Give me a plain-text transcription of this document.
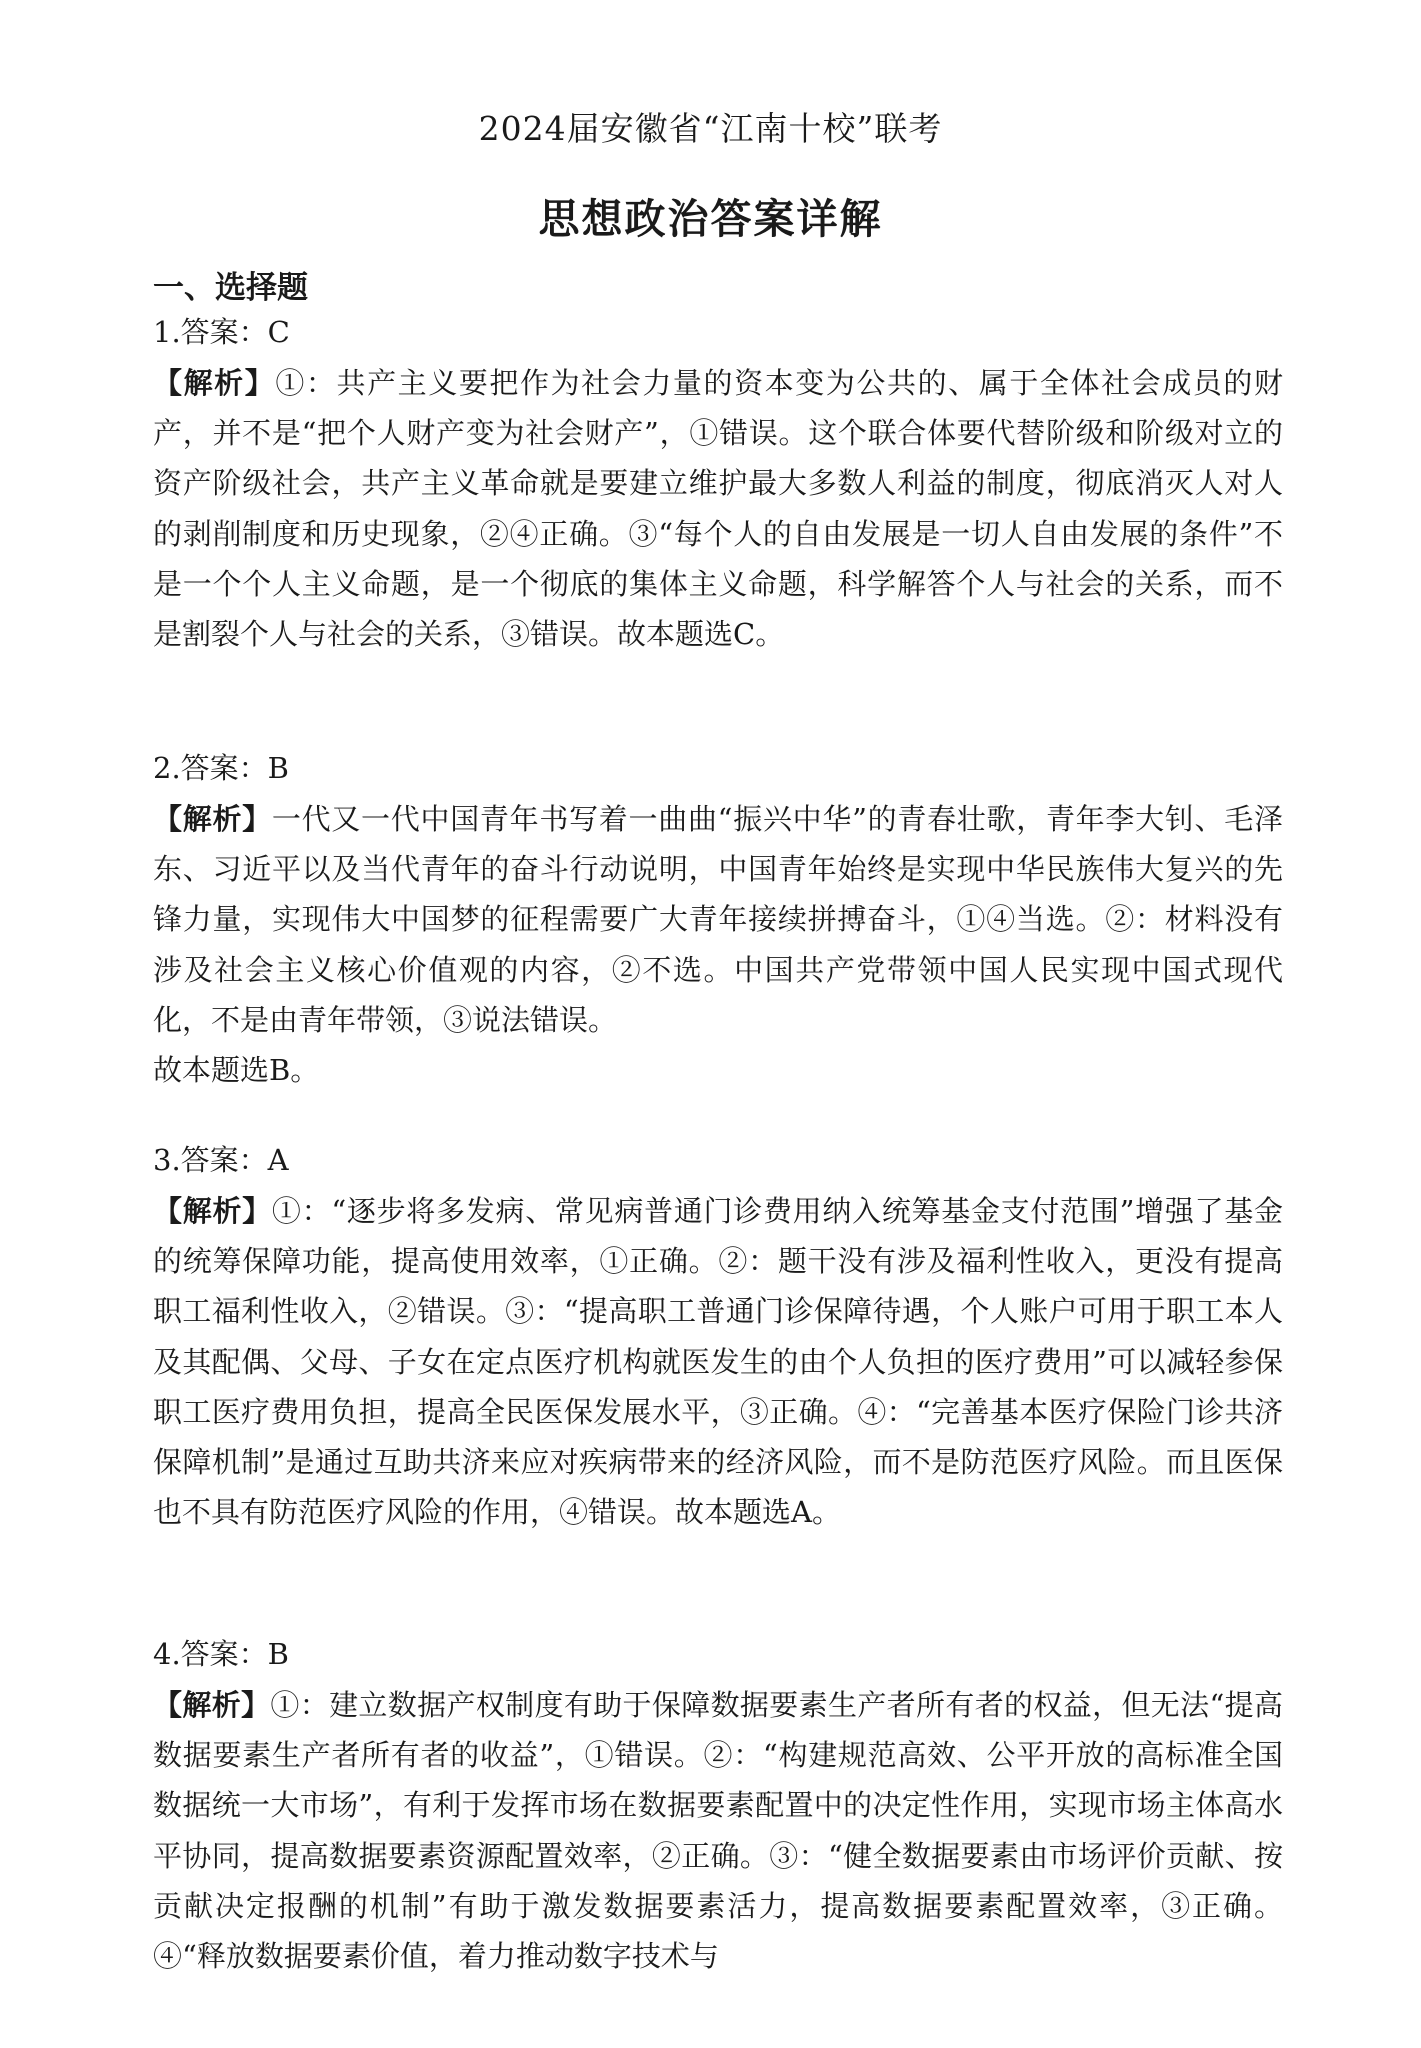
2024届安徽省“江南十校”联考
思想政治答案详解
一、选择题

1.答案：C

【解析】①：共产主义要把作为社会力量的资本变为公共的、属于全体社会成员的财产，并不是“把个人财产变为社会财产”，①错误。这个联合体要代替阶级和阶级对立的资产阶级社会，共产主义革命就是要建立维护最大多数人利益的制度，彻底消灭人对人的剥削制度和历史现象，②④正确。③“每个人的自由发展是一切人自由发展的条件”不是一个个人主义命题，是一个彻底的集体主义命题，科学解答个人与社会的关系，而不是割裂个人与社会的关系，③错误。故本题选C。

2.答案：B

【解析】一代又一代中国青年书写着一曲曲“振兴中华”的青春壮歌，青年李大钊、毛泽东、习近平以及当代青年的奋斗行动说明，中国青年始终是实现中华民族伟大复兴的先锋力量，实现伟大中国梦的征程需要广大青年接续拼搏奋斗，①④当选。②：材料没有涉及社会主义核心价值观的内容，②不选。中国共产党带领中国人民实现中国式现代化，不是由青年带领，③说法错误。

故本题选B。

3.答案：A

【解析】①：“逐步将多发病、常见病普通门诊费用纳入统筹基金支付范围”增强了基金的统筹保障功能，提高使用效率，①正确。②：题干没有涉及福利性收入，更没有提高职工福利性收入，②错误。③：“提高职工普通门诊保障待遇，个人账户可用于职工本人及其配偶、父母、子女在定点医疗机构就医发生的由个人负担的医疗费用”可以减轻参保职工医疗费用负担，提高全民医保发展水平，③正确。④：“完善基本医疗保险门诊共济保障机制”是通过互助共济来应对疾病带来的经济风险，而不是防范医疗风险。而且医保也不具有防范医疗风险的作用，④错误。故本题选A。

4.答案：B

【解析】①：建立数据产权制度有助于保障数据要素生产者所有者的权益，但无法“提高数据要素生产者所有者的收益”，①错误。②：“构建规范高效、公平开放的高标准全国数据统一大市场”，有利于发挥市场在数据要素配置中的决定性作用，实现市场主体高水平协同，提高数据要素资源配置效率，②正确。③：“健全数据要素由市场评价贡献、按贡献决定报酬的机制”有助于激发数据要素活力，提高数据要素配置效率，③正确。④“释放数据要素价值，着力推动数字技术与
